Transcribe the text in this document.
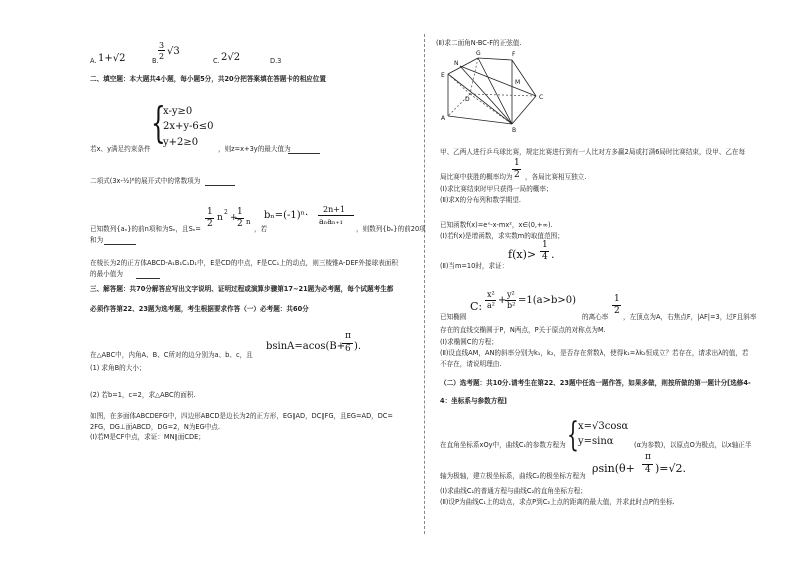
A. 1+√2	B.
3
2 √3
C. 2√2	D.3
二、填空题：本大题共4小题，每小题5分，共20分把答案填在答题卡的相应位置
{
x-y≥0
2x+y-6≤0
y+2≥0
若x、y满足约束条件	，则z=x+3y的最大值为
二项式(3x-½)⁶的展开式中的常数项为
已知数列{aₙ}的前n项和为Sₙ，且Sₙ=
1
2
n
2
+
1
2 n
，若
bₙ=(-1)ⁿ·
2n+1
aₙaₙ₊₁
，则数列{bₙ}的前20项
和为
在棱长为2的正方体ABCD-A₁B₁C₁D₁中，E是CD的中点，F是CC₁上的动点，则三棱锥A-DEF外接球表面积
的最小值为
三、解答题：共70分解答应写出文字说明、证明过程或演算步骤第17~21题为必考题，每个试题考生都
必须作答第22、23题为选考题，考生根据要求作答（一）必考题：共60分
bsinA=acos(B+
π
6 ).
在△ABC中，内角A、B、C所对的边分别为a、b、c，且
(1) 求角B的大小；
(2) 若b=1，c=2，求△ABC的面积.
如图，在多面体ABCDEFG中，四边形ABCD是边长为2的正方形，EG∥AD，DC∥FG，且EG=AD，DC=
2FG，DG⊥面ABCD，DG=2，N为EG中点.
(Ⅰ)若M是CF中点，求证：MN∥面CDE；
(Ⅱ)求二面角N-BC-F的正弦值.
G	F
N
E
D	C
A
B
M
甲、乙两人进行乒乓球比赛，规定比赛进行到有一人比对方多赢2局或打满6局时比赛结束，设甲、乙在每
局比赛中获胜的概率均为
1
2 ，各局比赛相互独立.
(Ⅰ)求比赛结束时甲只获得一局的概率；
(Ⅱ)求X的分布列和数学期望.
已知函数f(x)=eˣ-x-mx²，x∈(0,+∞).
(Ⅰ)若f(x)是增函数，求实数m的取值范围；
(Ⅱ)当m=10时，求证：
f(x)>
1
4 .
已知椭圆
C:
x²
a² +
y²
b² =1(a>b>0)
的离心率
1
2
，左顶点为A，右焦点F，|AF|=3，过F且斜率
存在的直线交椭圆于P，N两点，P关于原点的对称点为M.
(Ⅰ)求椭圆C的方程；
(Ⅱ)设直线AM，AN的斜率分别为k₁，k₂，是否存在常数λ，使得k₁=λk₂恒成立？若存在，请求出λ的值，若
不存在，请说明理由.
（二）选考题：共10分.请考生在第22、23题中任选一题作答，如果多做，则按所做的第一题计分[选修4-
4：坐标系与参数方程]
{ x=√3cosα
y=sinα
在直角坐标系xOy中，曲线C₁的参数方程为	(α为参数)，以原点O为极点，以x轴正半
轴为极轴，建立极坐标系，曲线C₂的极坐标方程为
ρsin(θ+
π
4 )=√2.
(Ⅰ)求曲线C₁的普通方程与曲线C₂的直角坐标方程；
(Ⅱ)设P为曲线C₁上的动点，求点P到C₂上点的距离的最大值，并求此时点P的坐标.
